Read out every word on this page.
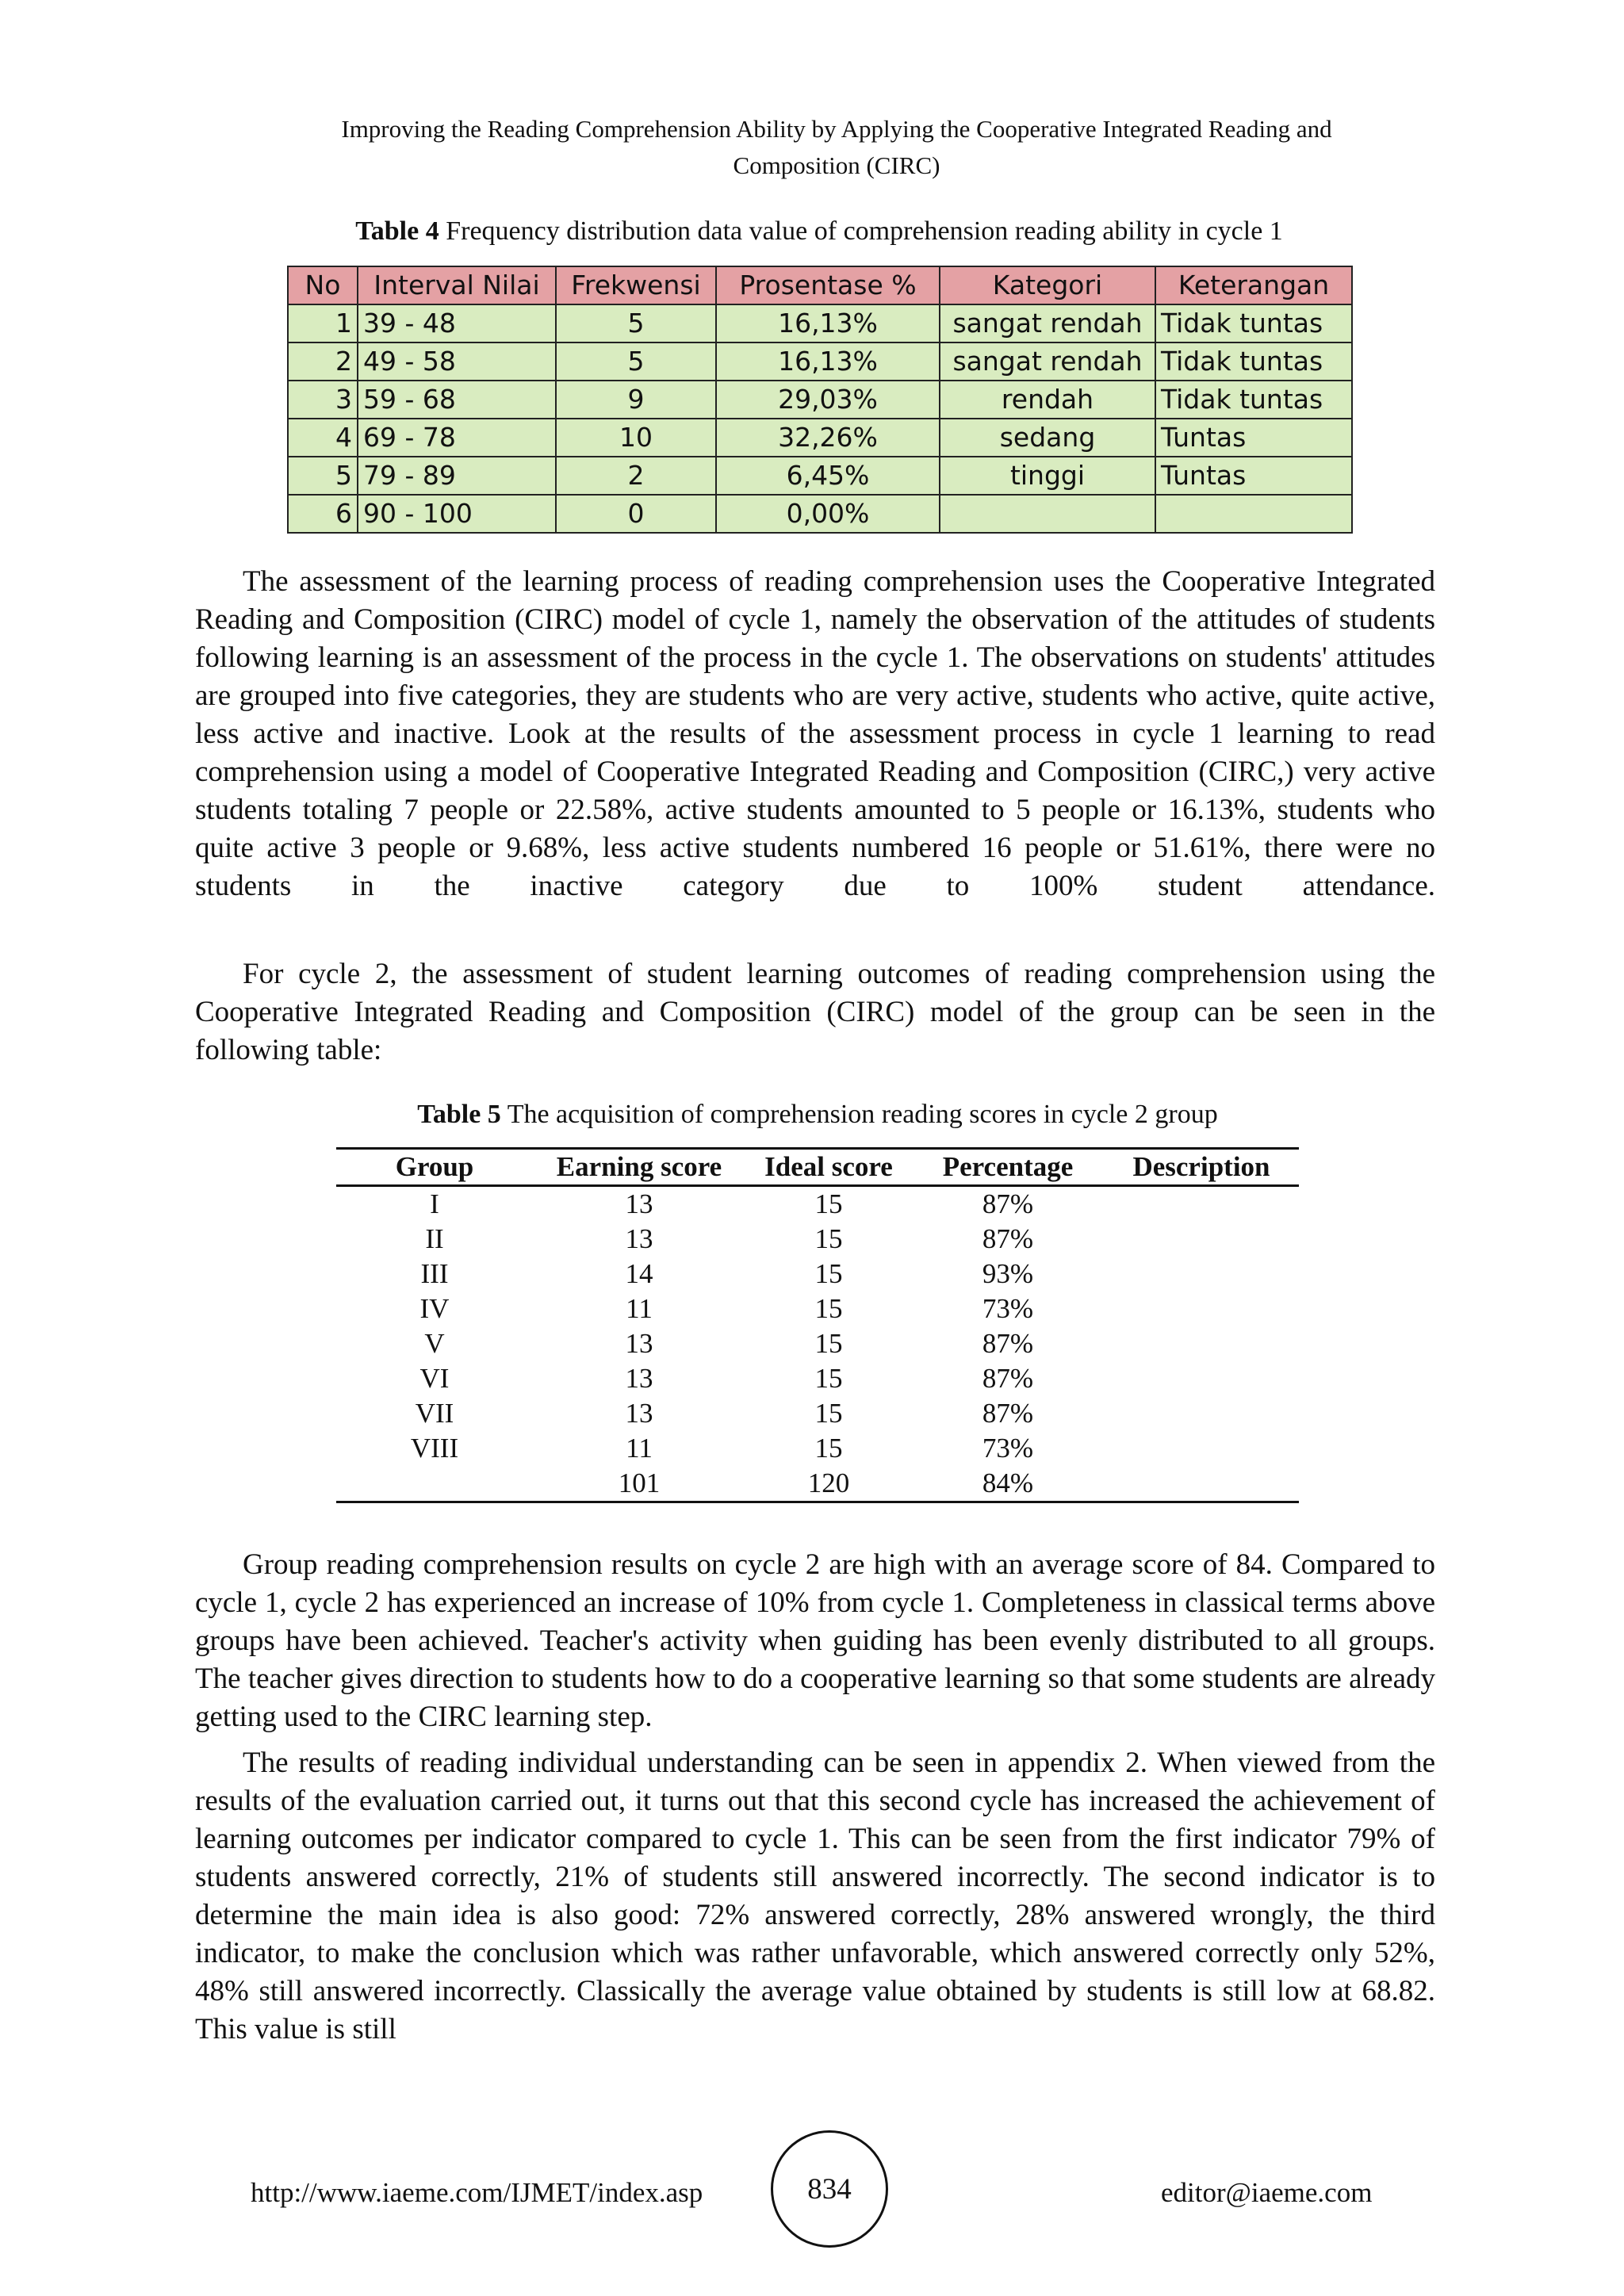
Improving the Reading Comprehension Ability by Applying the Cooperative Integrated Reading and
Composition (CIRC)
Table 4 Frequency distribution data value of comprehension reading ability in cycle 1
No	Interval Nilai	Frekwensi	Prosentase %	Kategori	Keterangan
1	39 - 48	5	16,13%	sangat rendah	Tidak tuntas
2	49 - 58	5	16,13%	sangat rendah	Tidak tuntas
3	59 - 68	9	29,03%	rendah	Tidak tuntas
4	69 - 78	10	32,26%	sedang	Tuntas
5	79 - 89	2	6,45%	tinggi	Tuntas
6	90 - 100	0	0,00%		

The assessment of the learning process of reading comprehension uses the Cooperative Integrated Reading and Composition (CIRC) model of cycle 1, namely the observation of the attitudes of students following learning is an assessment of the process in the cycle 1. The observations on students' attitudes are grouped into five categories, they are students who are very active, students who active, quite active, less active and inactive. Look at the results of the assessment process in cycle 1 learning to read comprehension using a model of Cooperative Integrated Reading and Composition (CIRC,) very active students totaling 7 people or 22.58%, active students amounted to 5 people or 16.13%, students who quite active 3 people or 9.68%, less active students numbered 16 people or 51.61%, there were no students in the inactive category due to 100% student attendance.

For cycle 2, the assessment of student learning outcomes of reading comprehension using the Cooperative Integrated Reading and Composition (CIRC) model of the group can be seen in the following table:

Table 5 The acquisition of comprehension reading scores in cycle 2 group
Group	Earning score	Ideal score	Percentage	Description
I	13	15	87%	
II	13	15	87%	
III	14	15	93%	
IV	11	15	73%	
V	13	15	87%	
VI	13	15	87%	
VII	13	15	87%	
VIII	11	15	73%	
	101	120	84%	

Group reading comprehension results on cycle 2 are high with an average score of 84. Compared to cycle 1, cycle 2 has experienced an increase of 10% from cycle 1. Completeness in classical terms above groups have been achieved. Teacher's activity when guiding has been evenly distributed to all groups. The teacher gives direction to students how to do a cooperative learning so that some students are already getting used to the CIRC learning step.

The results of reading individual understanding can be seen in appendix 2. When viewed from the results of the evaluation carried out, it turns out that this second cycle has increased the achievement of learning outcomes per indicator compared to cycle 1. This can be seen from the first indicator 79% of students answered correctly, 21% of students still answered incorrectly. The second indicator is to determine the main idea is also good: 72% answered correctly, 28% answered wrongly, the third indicator, to make the conclusion which was rather unfavorable, which answered correctly only 52%, 48% still answered incorrectly. Classically the average value obtained by students is still low at 68.82. This value is still

http://www.iaeme.com/IJMET/index.asp	834	editor@iaeme.com
